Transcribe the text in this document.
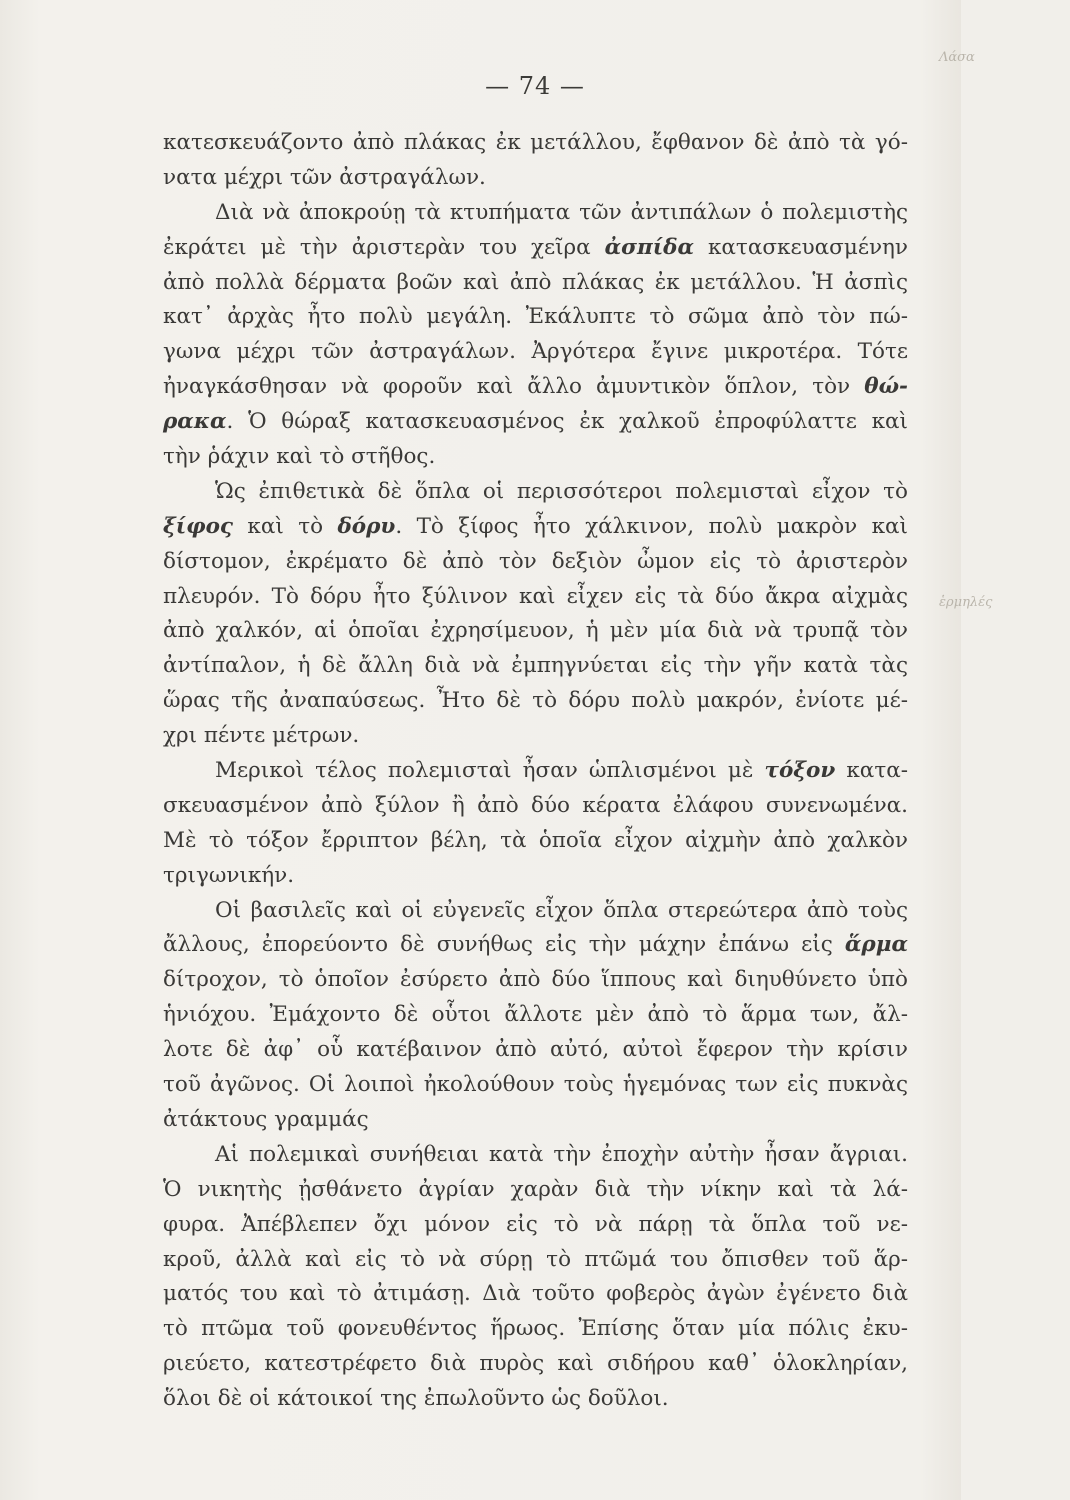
— 74 —
κατεσκευάζοντο ἀπὸ πλάκας ἐκ μετάλλου, ἔφθανον δὲ ἀπὸ τὰ γό-
νατα μέχρι τῶν ἀστραγάλων.
Διὰ νὰ ἀποκρούῃ τὰ κτυπήματα τῶν ἀντιπάλων ὁ πολεμιστὴς
ἐκράτει μὲ τὴν ἀριστερὰν του χεῖρα ἀσπίδα κατασκευασμένην
ἀπὸ πολλὰ δέρματα βοῶν καὶ ἀπὸ πλάκας ἐκ μετάλλου. Ἡ ἀσπὶς
κατ᾿ ἀρχὰς ἦτο πολὺ μεγάλη. Ἐκάλυπτε τὸ σῶμα ἀπὸ τὸν πώ-
γωνα μέχρι τῶν ἀστραγάλων. Ἀργότερα ἔγινε μικροτέρα. Τότε
ἠναγκάσθησαν νὰ φοροῦν καὶ ἄλλο ἀμυντικὸν ὅπλον, τὸν θώ-
ρακα. Ὁ θώραξ κατασκευασμένος ἐκ χαλκοῦ ἐπροφύλαττε καὶ
τὴν ῥάχιν καὶ τὸ στῆθος.
Ὡς ἐπιθετικὰ δὲ ὅπλα οἱ περισσότεροι πολεμισταὶ εἶχον τὸ
ξίφος καὶ τὸ δόρυ. Τὸ ξίφος ἦτο χάλκινον, πολὺ μακρὸν καὶ
δίστομον, ἐκρέματο δὲ ἀπὸ τὸν δεξιὸν ὦμον εἰς τὸ ἀριστερὸν
πλευρόν. Τὸ δόρυ ἦτο ξύλινον καὶ εἶχεν εἰς τὰ δύο ἄκρα αἰχμὰς
ἀπὸ χαλκόν, αἱ ὁποῖαι ἐχρησίμευον, ἡ μὲν μία διὰ νὰ τρυπᾷ τὸν
ἀντίπαλον, ἡ δὲ ἄλλη διὰ νὰ ἐμπηγνύεται εἰς τὴν γῆν κατὰ τὰς
ὥρας τῆς ἀναπαύσεως. Ἦτο δὲ τὸ δόρυ πολὺ μακρόν, ἐνίοτε μέ-
χρι πέντε μέτρων.
Μερικοὶ τέλος πολεμισταὶ ἦσαν ὡπλισμένοι μὲ τόξον κατα-
σκευασμένον ἀπὸ ξύλον ἢ ἀπὸ δύο κέρατα ἐλάφου συνενωμένα.
Μὲ τὸ τόξον ἔρριπτον βέλη, τὰ ὁποῖα εἶχον αἰχμὴν ἀπὸ χαλκὸν
τριγωνικήν.
Οἱ βασιλεῖς καὶ οἱ εὐγενεῖς εἶχον ὅπλα στερεώτερα ἀπὸ τοὺς
ἄλλους, ἐπορεύοντο δὲ συνήθως εἰς τὴν μάχην ἐπάνω εἰς ἅρμα
δίτροχον, τὸ ὁποῖον ἐσύρετο ἀπὸ δύο ἵππους καὶ διηυθύνετο ὑπὸ
ἡνιόχου. Ἐμάχοντο δὲ οὗτοι ἄλλοτε μὲν ἀπὸ τὸ ἅρμα των, ἄλ-
λοτε δὲ ἀφ᾿ οὗ κατέβαινον ἀπὸ αὐτό, αὐτοὶ ἔφερον τὴν κρίσιν
τοῦ ἀγῶνος. Οἱ λοιποὶ ἠκολούθουν τοὺς ἡγεμόνας των εἰς πυκνὰς
ἀτάκτους γραμμάς
Αἱ πολεμικαὶ συνήθειαι κατὰ τὴν ἐποχὴν αὐτὴν ἦσαν ἄγριαι.
Ὁ νικητὴς ᾐσθάνετο ἀγρίαν χαρὰν διὰ τὴν νίκην καὶ τὰ λά-
φυρα. Ἀπέβλεπεν ὄχι μόνον εἰς τὸ νὰ πάρῃ τὰ ὅπλα τοῦ νε-
κροῦ, ἀλλὰ καὶ εἰς τὸ νὰ σύρῃ τὸ πτῶμά του ὄπισθεν τοῦ ἅρ-
ματός του καὶ τὸ ἀτιμάσῃ. Διὰ τοῦτο φοβερὸς ἀγὼν ἐγένετο διὰ
τὸ πτῶμα τοῦ φονευθέντος ἥρωος. Ἐπίσης ὅταν μία πόλις ἐκυ-
ριεύετο, κατεστρέφετο διὰ πυρὸς καὶ σιδήρου καθ᾿ ὁλοκληρίαν,
ὅλοι δὲ οἱ κάτοικοί της ἐπωλοῦντο ὡς δοῦλοι.
Λάσα
ἑρμηλές
